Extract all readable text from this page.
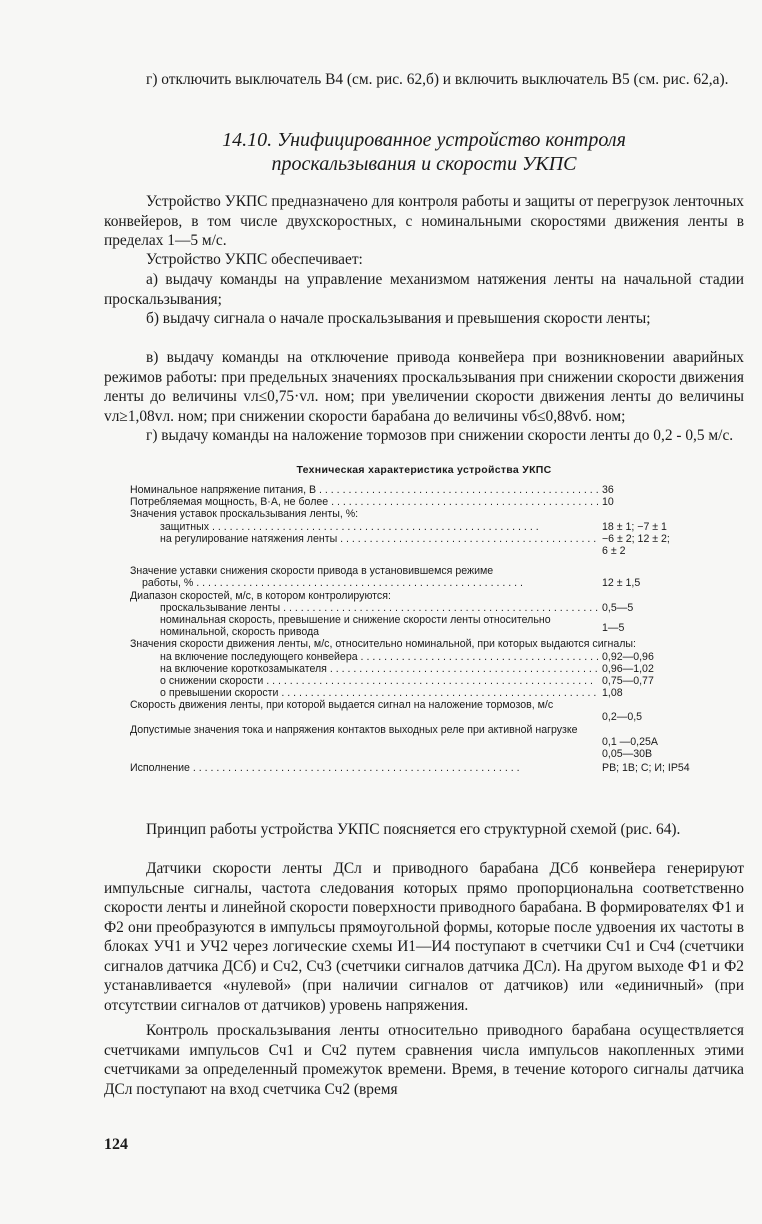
г) отключить выключатель В4 (см. рис. 62,б) и включить выключатель В5 (см. рис. 62,а).

14.10. Унифицированное устройство контроля
проскальзывания и скорости УКПС

Устройство УКПС предназначено для контроля работы и защиты от перегрузок ленточных конвейеров, в том числе двухскоростных, с номинальными скоростями движения ленты в пределах 1—5 м/с.

Устройство УКПС обеспечивает:

а) выдачу команды на управление механизмом натяжения ленты на начальной стадии проскальзывания;

б) выдачу сигнала о начале проскальзывания и превышения скорости ленты;

в) выдачу команды на отключение привода конвейера при возникновении аварийных режимов работы: при предельных значениях проскальзывания при снижении скорости движения ленты до величины vл≤0,75·vл. ном; при увеличении скорости движения ленты до величины vл≥1,08vл. ном; при снижении скорости барабана до величины vб≤0,88vб. ном;

г) выдачу команды на наложение тормозов при снижении скорости ленты до 0,2 - 0,5 м/с.

Техническая характеристика устройства УКПС
Номинальное напряжение питания, В . . .	36
Потребляемая мощность, В·А, не более . . .	10
Значения уставок проскальзывания ленты, %:
защитных . . .	18 ± 1; −7 ± 1
на регулирование натяжения ленты . . .	−6 ± 2; 12 ± 2;
6 ± 2
Значение уставки снижения скорости привода в установившемся режиме
работы, % . . .	12 ± 1,5
Диапазон скоростей, м/с, в котором контролируются:
проскальзывание ленты . . .	0,5—5
номинальная скорость, превышение и снижение скорости ленты относительно номинальной, скорость привода	1—5
Значения скорости движения ленты, м/с, относительно номинальной, при которых выдаются сигналы:
на включение последующего конвейера . . .	0,92—0,96
на включение короткозамыкателя . . .	0,96—1,02
о снижении скорости . . .	0,75—0,77
о превышении скорости . . .	1,08
Скорость движения ленты, при которой выдается сигнал на наложение тормозов, м/с
0,2—0,5
Допустимые значения тока и напряжения контактов выходных реле при активной нагрузке
0,1 —0,25А
0,05—30В
Исполнение . . .	РВ; 1В; С; И; IP54

Принцип работы устройства УКПС поясняется его структурной схемой (рис. 64).

Датчики скорости ленты ДСл и приводного барабана ДСб конвейера генерируют импульсные сигналы, частота следования которых прямо пропорциональна соответственно скорости ленты и линейной скорости поверхности приводного барабана. В формирователях Ф1 и Ф2 они преобразуются в импульсы прямоугольной формы, которые после удвоения их частоты в блоках УЧ1 и УЧ2 через логические схемы И1—И4 поступают в счетчики Сч1 и Сч4 (счетчики сигналов датчика ДСб) и Сч2, Сч3 (счетчики сигналов датчика ДСл). На другом выходе Ф1 и Ф2 устанавливается «нулевой» (при наличии сигналов от датчиков) или «единичный» (при отсутствии сигналов от датчиков) уровень напряжения.

Контроль проскальзывания ленты относительно приводного барабана осуществляется счетчиками импульсов Сч1 и Сч2 путем сравнения числа импульсов накопленных этими счетчиками за определенный промежуток времени. Время, в течение которого сигналы датчика ДСл поступают на вход счетчика Сч2 (время

124
